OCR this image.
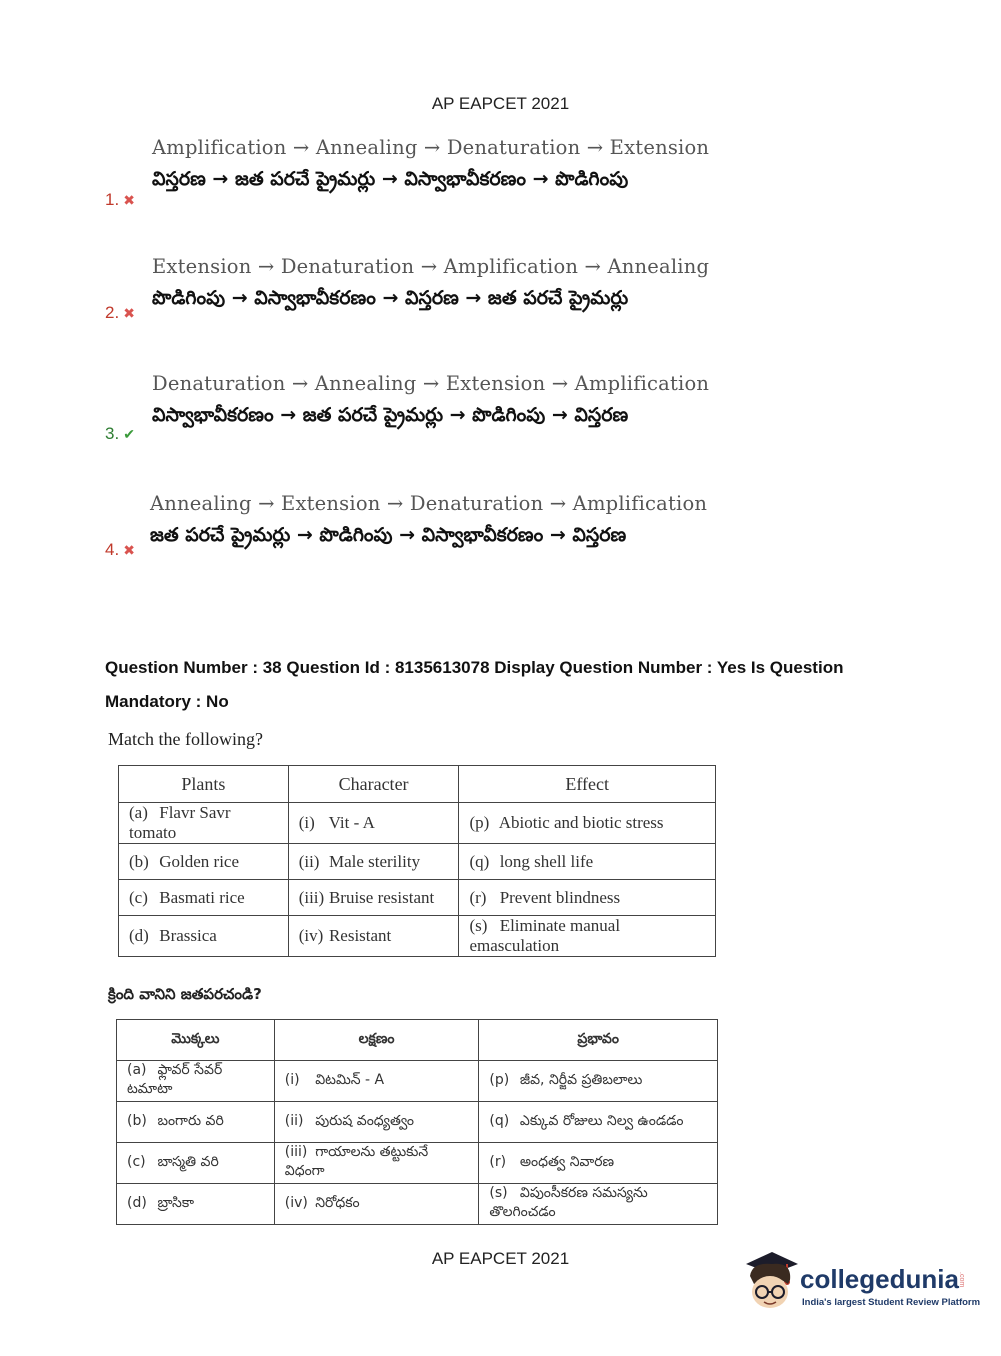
AP EAPCET 2021
Amplification → Annealing → Denaturation → Extension
విస్తరణ → జత పరచే ప్రైమర్లు → విస్వాభావీకరణం → పొడిగింపు
1. ✖
Extension → Denaturation → Amplification → Annealing
పొడిగింపు → విస్వాభావీకరణం → విస్తరణ → జత పరచే ప్రైమర్లు
2. ✖
Denaturation → Annealing → Extension → Amplification
విస్వాభావీకరణం → జత పరచే ప్రైమర్లు → పొడిగింపు → విస్తరణ
3. ✔
Annealing → Extension → Denaturation → Amplification
జత పరచే ప్రైమర్లు → పొడిగింపు → విస్వాభావీకరణం → విస్తరణ
4. ✖
Question Number : 38 Question Id : 8135613078 Display Question Number : Yes Is Question
Mandatory : No
Match the following?
Plants	Character	Effect
(a) Flavr Savr tomato	(i) Vit - A	(p) Abiotic and biotic stress
(b) Golden rice	(ii) Male sterility	(q) long shell life
(c) Basmati rice	(iii) Bruise resistant	(r) Prevent blindness
(d) Brassica	(iv) Resistant	(s) Eliminate manual emasculation
క్రింది వానిని జతపరచండి?
మొక్కలు	లక్షణం	ప్రభావం
(a) ఫ్లావర్ సేవర్ టమాటా	(i) విటమిన్ - A	(p) జీవ, నిర్జీవ ప్రతిబలాలు
(b) బంగారు వరి	(ii) పురుష వంధ్యత్వం	(q) ఎక్కువ రోజులు నిల్వ ఉండడం
(c) బాస్మతి వరి	(iii) గాయాలను తట్టుకునే విధంగా	(r) అంధత్వ నివారణ
(d) బ్రాసికా	(iv) నిరోధకం	(s) విపుంసీకరణ సమస్యను తొలగించడం
AP EAPCET 2021
collegedunia .com
India's largest Student Review Platform
